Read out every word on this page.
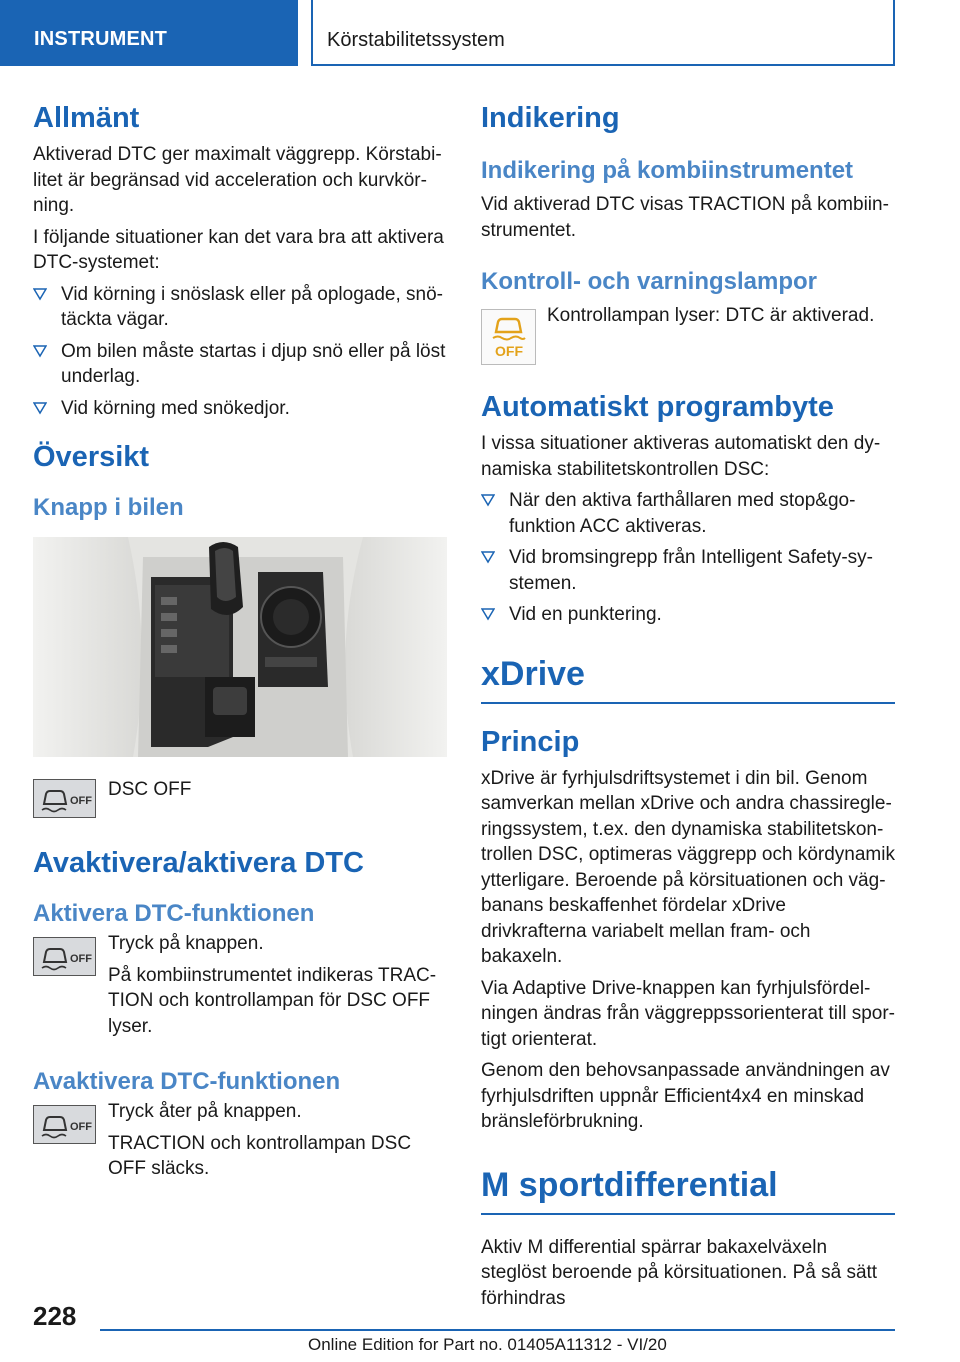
INSTRUMENT	Körstabilitetssystem
Allmänt

Aktiverad DTC ger maximalt väggrepp. Körstabi-litet är begränsad vid acceleration och kurvkör-ning.

I följande situationer kan det vara bra att aktivera DTC-systemet:

Vid körning i snöslask eller på oplogade, snö-täckta vägar.
Om bilen måste startas i djup snö eller på löst underlag.
Vid körning med snökedjor.
Översikt
Knapp i bilen
OFF

DSC OFF

Avaktivera/aktivera DTC
Aktivera DTC-funktionen
OFF

Tryck på knappen.

På kombiinstrumentet indikeras TRAC-TION och kontrollampan för DSC OFF lyser.

Avaktivera DTC-funktionen
OFF

Tryck åter på knappen.

TRACTION och kontrollampan DSC OFF släcks.

Indikering
Indikering på kombiinstrumentet

Vid aktiverad DTC visas TRACTION på kombiin-strumentet.

Kontroll- och varningslampor
OFF

Kontrollampan lyser: DTC är aktiverad.

Automatiskt programbyte

I vissa situationer aktiveras automatiskt den dy-namiska stabilitetskontrollen DSC:

När den aktiva farthållaren med stop&go-funktion ACC aktiveras.
Vid bromsingrepp från Intelligent Safety-sy-stemen.
Vid en punktering.
xDrive
Princip

xDrive är fyrhjulsdriftsystemet i din bil. Genom samverkan mellan xDrive och andra chassiregle-ringssystem, t.ex. den dynamiska stabilitetskon-trollen DSC, optimeras väggrepp och kördynamik ytterligare. Beroende på körsituationen och väg-banans beskaffenhet fördelar xDrive drivkrafterna variabelt mellan fram- och bakaxeln.

Via Adaptive Drive-knappen kan fyrhjulsfördel-ningen ändras från väggreppssorienterat till spor-tigt orienterat.

Genom den behovsanpassade användningen av fyrhjulsdriften uppnår Efficient4x4 en minskad bränsleförbrukning.

M sportdifferential

Aktiv M differential spärrar bakaxelväxeln steglöst beroende på körsituationen. På så sätt förhindras

228
Online Edition for Part no. 01405A11312 - VI/20
